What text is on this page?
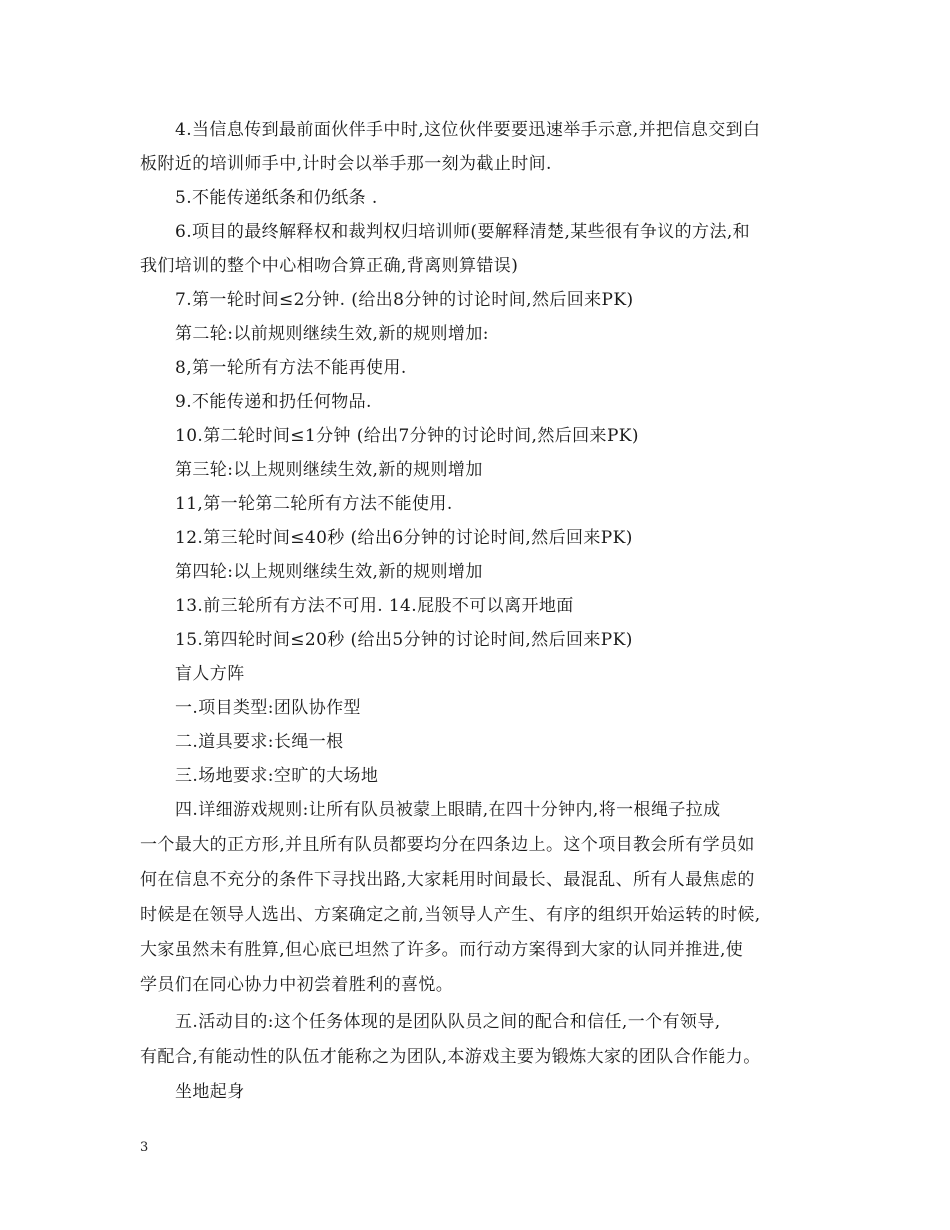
4.当信息传到最前面伙伴手中时,这位伙伴要要迅速举手示意,并把信息交到白
板附近的培训师手中,计时会以举手那一刻为截止时间.
5.不能传递纸条和仍纸条 .
6.项目的最终解释权和裁判权归培训师(要解释清楚,某些很有争议的方法,和
我们培训的整个中心相吻合算正确,背离则算错误)
7.第一轮时间≤2分钟. (给出8分钟的讨论时间,然后回来PK)
第二轮:以前规则继续生效,新的规则增加:
8,第一轮所有方法不能再使用.
9.不能传递和扔任何物品.
10.第二轮时间≤1分钟 (给出7分钟的讨论时间,然后回来PK)
第三轮:以上规则继续生效,新的规则增加
11,第一轮第二轮所有方法不能使用.
12.第三轮时间≤40秒 (给出6分钟的讨论时间,然后回来PK)
第四轮:以上规则继续生效,新的规则增加
13.前三轮所有方法不可用. 14.屁股不可以离开地面
15.第四轮时间≤20秒 (给出5分钟的讨论时间,然后回来PK)
盲人方阵
一.项目类型:团队协作型
二.道具要求:长绳一根
三.场地要求:空旷的大场地
四.详细游戏规则:让所有队员被蒙上眼睛,在四十分钟内,将一根绳子拉成
一个最大的正方形,并且所有队员都要均分在四条边上。这个项目教会所有学员如
何在信息不充分的条件下寻找出路,大家耗用时间最长、最混乱、所有人最焦虑的
时候是在领导人选出、方案确定之前,当领导人产生、有序的组织开始运转的时候,
大家虽然未有胜算,但心底已坦然了许多。而行动方案得到大家的认同并推进,使
学员们在同心协力中初尝着胜利的喜悦。
五.活动目的:这个任务体现的是团队队员之间的配合和信任,一个有领导,
有配合,有能动性的队伍才能称之为团队,本游戏主要为锻炼大家的团队合作能力。
坐地起身
3
